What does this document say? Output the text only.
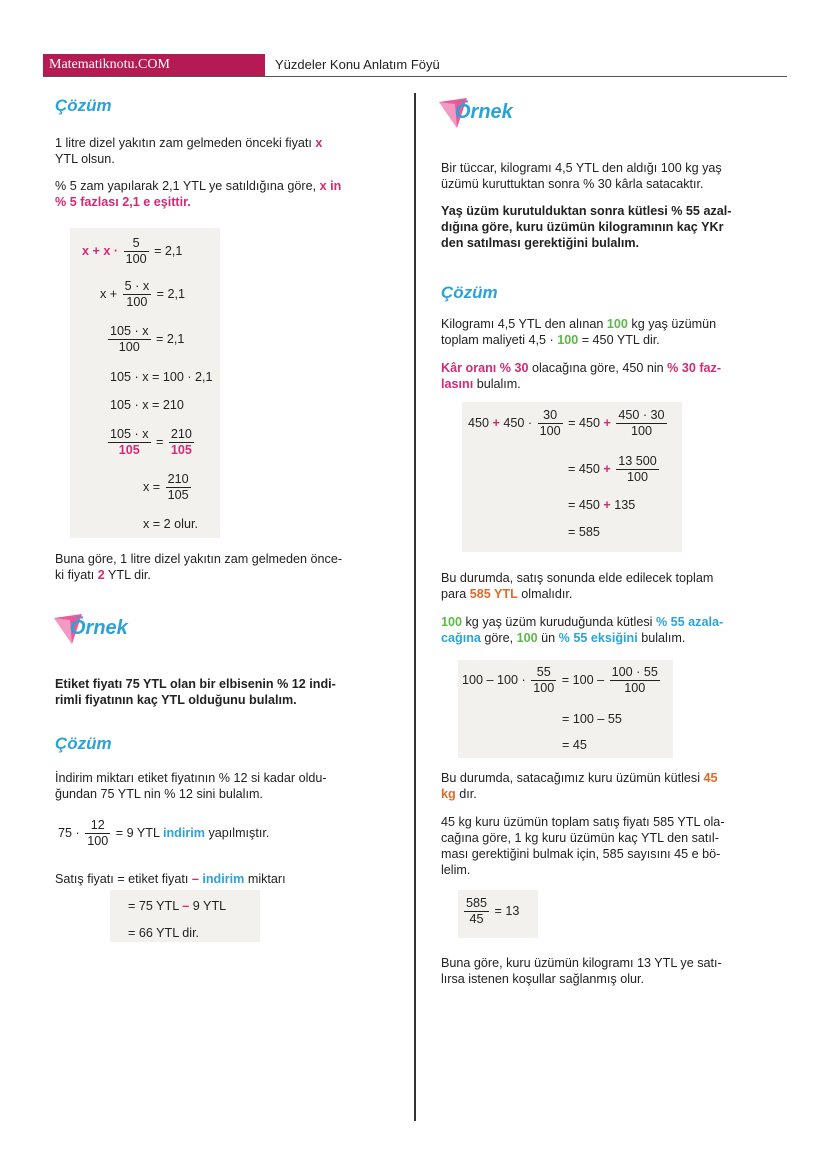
Matematiknotu.COM	Yüzdeler Konu Anlatım Föyü
Çözüm

1 litre dizel yakıtın zam gelmeden önceki fiyatı x
YTL olsun.

% 5 zam yapılarak 2,1 YTL ye satıldığına göre, x in
% 5 fazlası 2,1 e eşittir.

$x + x \cdot \frac{5}{100} = 2,1$
$x + \frac{5 \cdot x}{100} = 2,1$
$\frac{105 \cdot x}{100} = 2,1$
105 · x = 100 · 2,1
105 · x = 210
$\frac{105 \cdot x}{105} = \frac{210}{105}$
$x = \frac{210}{105}$
x = 2 olur.

Buna göre, 1 litre dizel yakıtın zam gelmeden önce-
ki fiyatı 2 YTL dir.

Örnek

Etiket fiyatı 75 YTL olan bir elbisenin % 12 indi-
rimli fiyatının kaç YTL olduğunu bulalım.

Çözüm

İndirim miktarı etiket fiyatının % 12 si kadar oldu-
ğundan 75 YTL nin % 12 sini bulalım.

$75 \cdot \frac{12}{100} = 9$ YTL indirim yapılmıştır.
Satış fiyatı = etiket fiyatı – indirim miktarı
= 75 YTL – 9 YTL
= 66 YTL dir.
Örnek

Bir tüccar, kilogramı 4,5 YTL den aldığı 100 kg yaş
üzümü kuruttuktan sonra % 30 kârla satacaktır.

Yaş üzüm kurutulduktan sonra kütlesi % 55 azal-
dığına göre, kuru üzümün kilogramının kaç YKr
den satılması gerektiğini bulalım.

Çözüm

Kilogramı 4,5 YTL den alınan 100 kg yaş üzümün
toplam maliyeti 4,5 · 100 = 450 YTL dir.

Kâr oranı % 30 olacağına göre, 450 nin % 30 faz-
lasını bulalım.

$450 + 450 \cdot \frac{30}{100} = 450 + \frac{450 \cdot 30}{100}$
= $450 + \frac{13 500}{100}$
= 450 + 135
= 585

Bu durumda, satış sonunda elde edilecek toplam
para 585 YTL olmalıdır.

100 kg yaş üzüm kuruduğunda kütlesi % 55 azala-
cağına göre, 100 ün % 55 eksiğini bulalım.

$100 - 100 \cdot \frac{55}{100} = 100 - \frac{100 \cdot 55}{100}$
= 100 – 55
= 45

Bu durumda, satacağımız kuru üzümün kütlesi 45
kg dır.

45 kg kuru üzümün toplam satış fiyatı 585 YTL ola-
cağına göre, 1 kg kuru üzümün kaç YTL den satıl-
ması gerektiğini bulmak için, 585 sayısını 45 e bö-
lelim.

$\frac{585}{45} = 13$

Buna göre, kuru üzümün kilogramı 13 YTL ye satı-
lırsa istenen koşullar sağlanmış olur.
